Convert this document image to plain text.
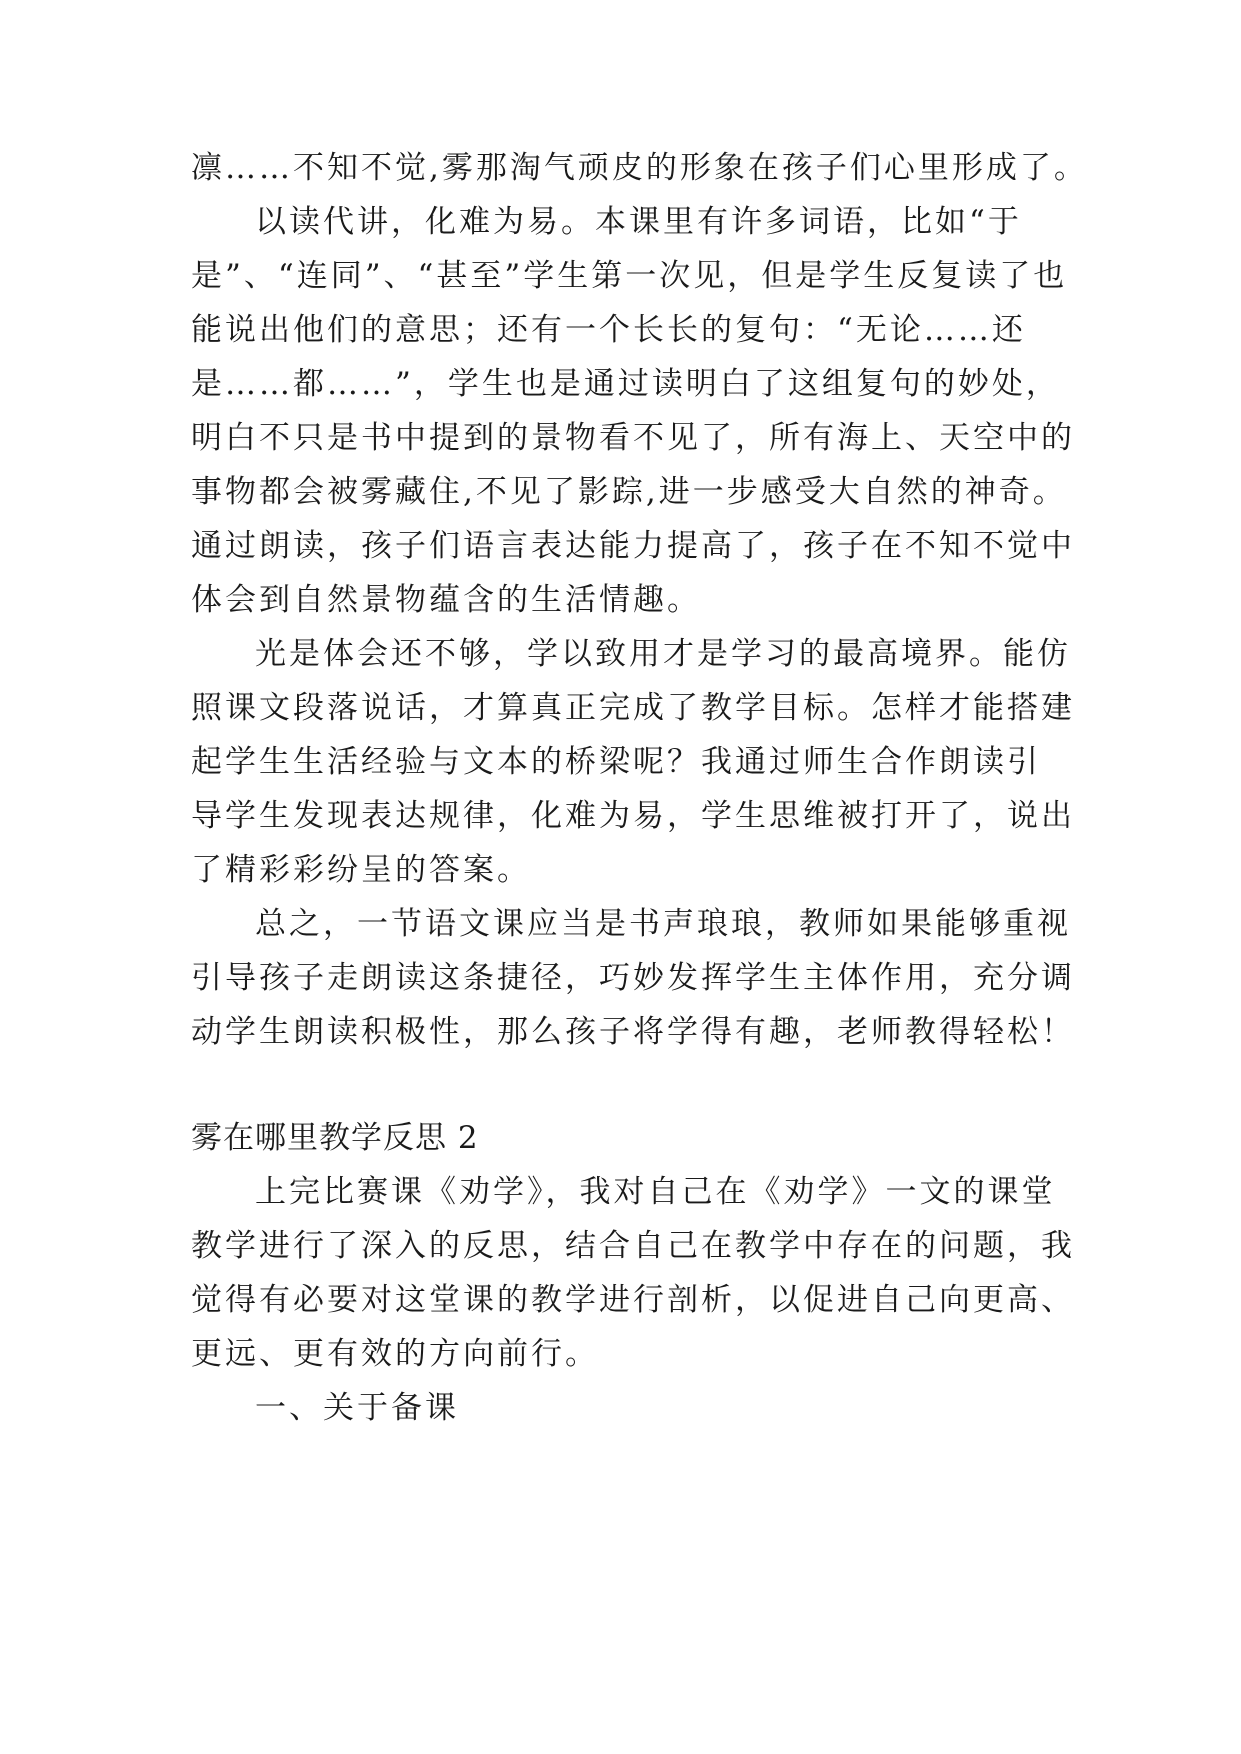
凛……不知不觉,雾那淘气顽皮的形象在孩子们心里形成了。
以读代讲，化难为易。本课里有许多词语，比如“于
是”、“连同”、“甚至”学生第一次见，但是学生反复读了也
能说出他们的意思；还有一个长长的复句：“无论……还
是……都……”，学生也是通过读明白了这组复句的妙处，
明白不只是书中提到的景物看不见了，所有海上、天空中的
事物都会被雾藏住,不见了影踪,进一步感受大自然的神奇。
通过朗读，孩子们语言表达能力提高了，孩子在不知不觉中
体会到自然景物蕴含的生活情趣。
光是体会还不够，学以致用才是学习的最高境界。能仿
照课文段落说话，才算真正完成了教学目标。怎样才能搭建
起学生生活经验与文本的桥梁呢？我通过师生合作朗读引
导学生发现表达规律，化难为易，学生思维被打开了，说出
了精彩彩纷呈的答案。
总之，一节语文课应当是书声琅琅，教师如果能够重视
引导孩子走朗读这条捷径，巧妙发挥学生主体作用，充分调
动学生朗读积极性，那么孩子将学得有趣，老师教得轻松！
雾在哪里教学反思 2
上完比赛课《劝学》，我对自己在《劝学》一文的课堂
教学进行了深入的反思，结合自己在教学中存在的问题，我
觉得有必要对这堂课的教学进行剖析，以促进自己向更高、
更远、更有效的方向前行。
一、关于备课
